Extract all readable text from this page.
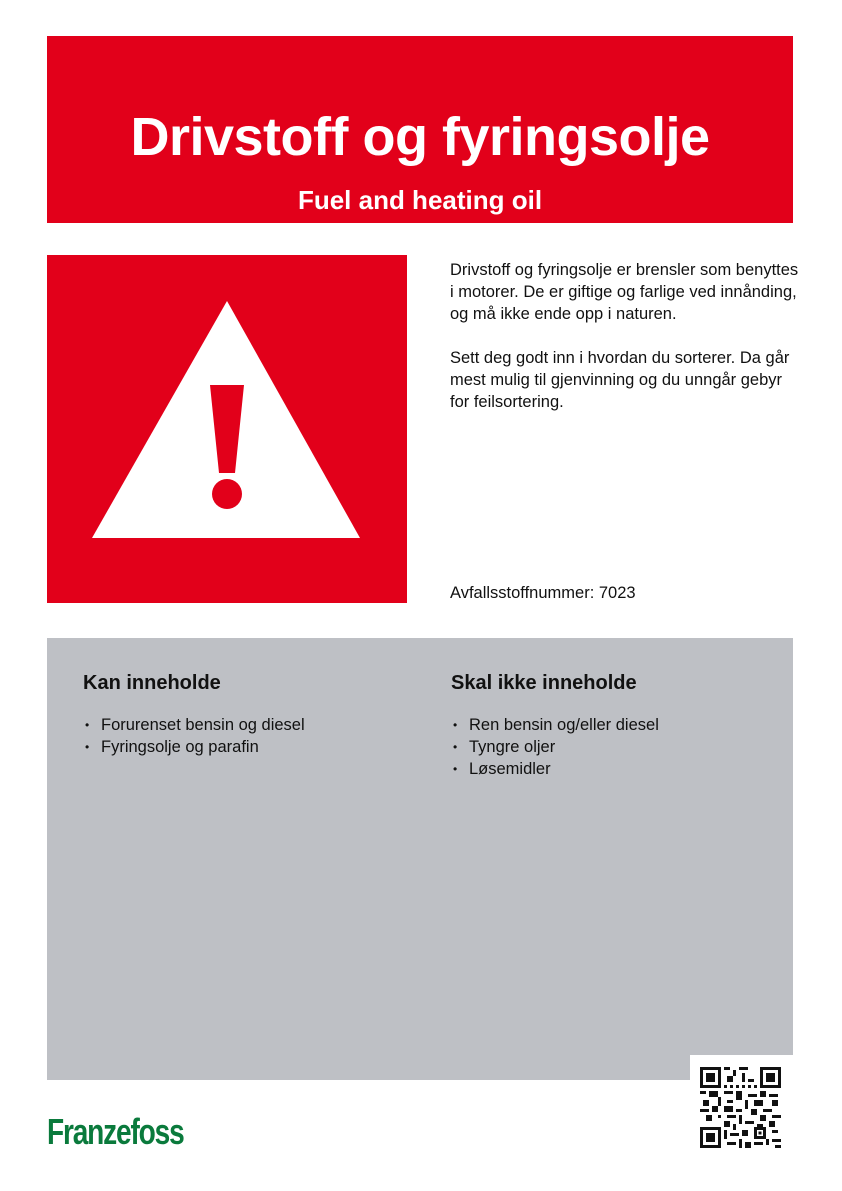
Drivstoff og fyringsolje
Fuel and heating oil

Drivstoff og fyringsolje er brensler som benyttes i motorer. De er giftige og farlige ved innånding, og må ikke ende opp i naturen.

Sett deg godt inn i hvordan du sorterer. Da går mest mulig til gjenvinning og du unngår gebyr for feilsortering.

Avfallsstoffnummer: 7023
Kan inneholde
• Forurenset bensin og diesel
• Fyringsolje og parafin
Skal ikke inneholde
• Ren bensin og/eller diesel
• Tyngre oljer
• Løsemidler
Franzefoss
